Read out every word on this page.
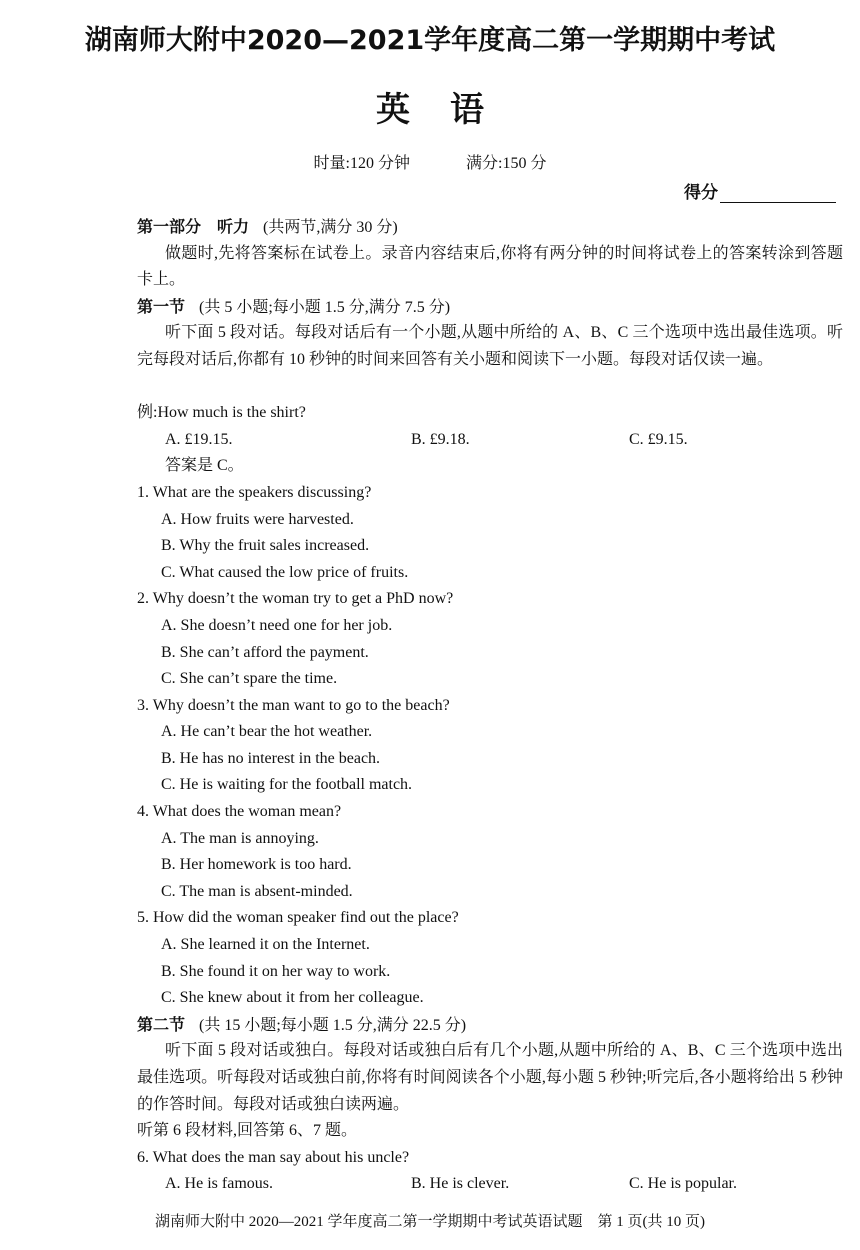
湖南师大附中2020—2021学年度高二第一学期期中考试
英语
时量:120 分钟	满分:150 分
得分
第一部分　听力 (共两节,满分 30 分)
做题时,先将答案标在试卷上。录音内容结束后,你将有两分钟的时间将试卷上的答案转涂到答题卡上。
第一节 (共 5 小题;每小题 1.5 分,满分 7.5 分)
听下面 5 段对话。每段对话后有一个小题,从题中所给的 A、B、C 三个选项中选出最佳选项。听完每段对话后,你都有 10 秒钟的时间来回答有关小题和阅读下一小题。每段对话仅读一遍。
例:How much is the shirt?
A. £19.15.	B. £9.18.	C. £9.15.
答案是 C。
1. What are the speakers discussing?
A. How fruits were harvested.
B. Why the fruit sales increased.
C. What caused the low price of fruits.
2. Why doesn’t the woman try to get a PhD now?
A. She doesn’t need one for her job.
B. She can’t afford the payment.
C. She can’t spare the time.
3. Why doesn’t the man want to go to the beach?
A. He can’t bear the hot weather.
B. He has no interest in the beach.
C. He is waiting for the football match.
4. What does the woman mean?
A. The man is annoying.
B. Her homework is too hard.
C. The man is absent-minded.
5. How did the woman speaker find out the place?
A. She learned it on the Internet.
B. She found it on her way to work.
C. She knew about it from her colleague.
第二节 (共 15 小题;每小题 1.5 分,满分 22.5 分)
听下面 5 段对话或独白。每段对话或独白后有几个小题,从题中所给的 A、B、C 三个选项中选出最佳选项。听每段对话或独白前,你将有时间阅读各个小题,每小题 5 秒钟;听完后,各小题将给出 5 秒钟的作答时间。每段对话或独白读两遍。
听第 6 段材料,回答第 6、7 题。
6. What does the man say about his uncle?
A. He is famous.	B. He is clever.	C. He is popular.
湖南师大附中 2020—2021 学年度高二第一学期期中考试英语试题　第 1 页(共 10 页)
